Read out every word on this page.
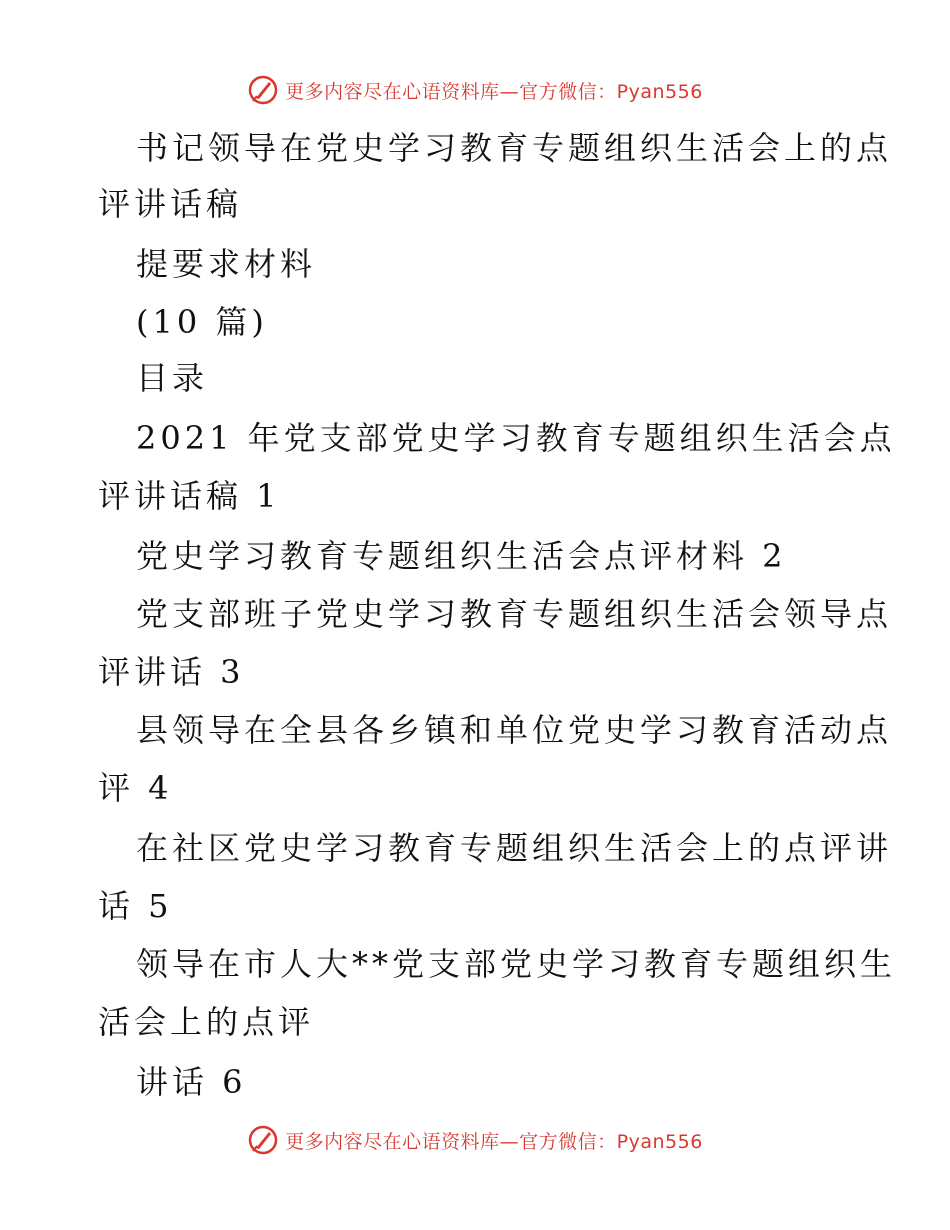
更多内容尽在心语资料库—官方微信：Pyan556
书记领导在党史学习教育专题组织生活会上的点
评讲话稿
提要求材料
(10 篇)
目录
2021 年党支部党史学习教育专题组织生活会点
评讲话稿 1
党史学习教育专题组织生活会点评材料 2
党支部班子党史学习教育专题组织生活会领导点
评讲话 3
县领导在全县各乡镇和单位党史学习教育活动点
评 4
在社区党史学习教育专题组织生活会上的点评讲
话 5
领导在市人大**党支部党史学习教育专题组织生
活会上的点评
讲话 6
更多内容尽在心语资料库—官方微信：Pyan556
